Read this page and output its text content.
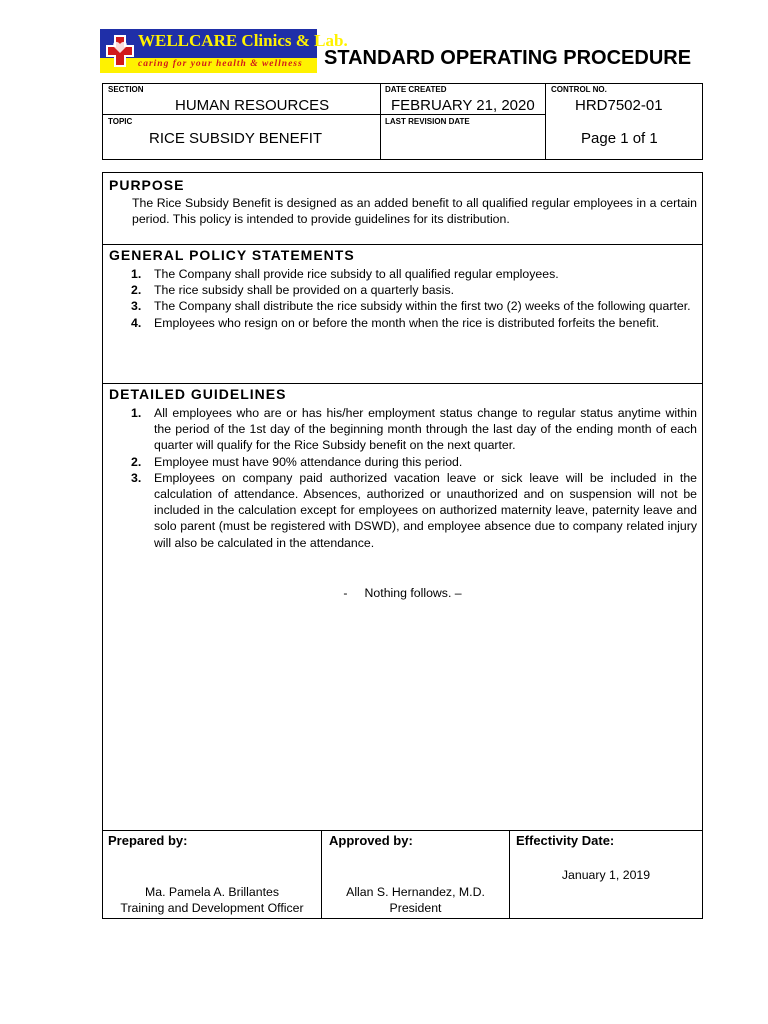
WELLCARE Clinics & Lab.
caring for your health & wellness STANDARD OPERATING PROCEDURE
SECTION
HUMAN RESOURCES
DATE CREATED
FEBRUARY 21, 2020
CONTROL NO.
HRD7502-01
TOPIC
RICE SUBSIDY BENEFIT
LAST REVISION DATE
Page 1 of 1
PURPOSE
The Rice Subsidy Benefit is designed as an added benefit to all qualified regular employees in a certain period. This policy is intended to provide guidelines for its distribution.
GENERAL POLICY STATEMENTS
1. The Company shall provide rice subsidy to all qualified regular employees.
2. The rice subsidy shall be provided on a quarterly basis.
3. The Company shall distribute the rice subsidy within the first two (2) weeks of the following quarter.
4. Employees who resign on or before the month when the rice is distributed forfeits the benefit.
DETAILED GUIDELINES
1. All employees who are or has his/her employment status change to regular status anytime within the period of the 1st day of the beginning month through the last day of the ending month of each quarter will qualify for the Rice Subsidy benefit on the next quarter.
2. Employee must have 90% attendance during this period.
3. Employees on company paid authorized vacation leave or sick leave will be included in the calculation of attendance. Absences, authorized or unauthorized and on suspension will not be included in the calculation except for employees on authorized maternity leave, paternity leave and solo parent (must be registered with DSWD), and employee absence due to company related injury will also be calculated in the attendance.
-     Nothing follows. –
Prepared by:
Ma. Pamela A. Brillantes
Training and Development Officer
Approved by:
Allan S. Hernandez, M.D.
President
Effectivity Date:
January 1, 2019
